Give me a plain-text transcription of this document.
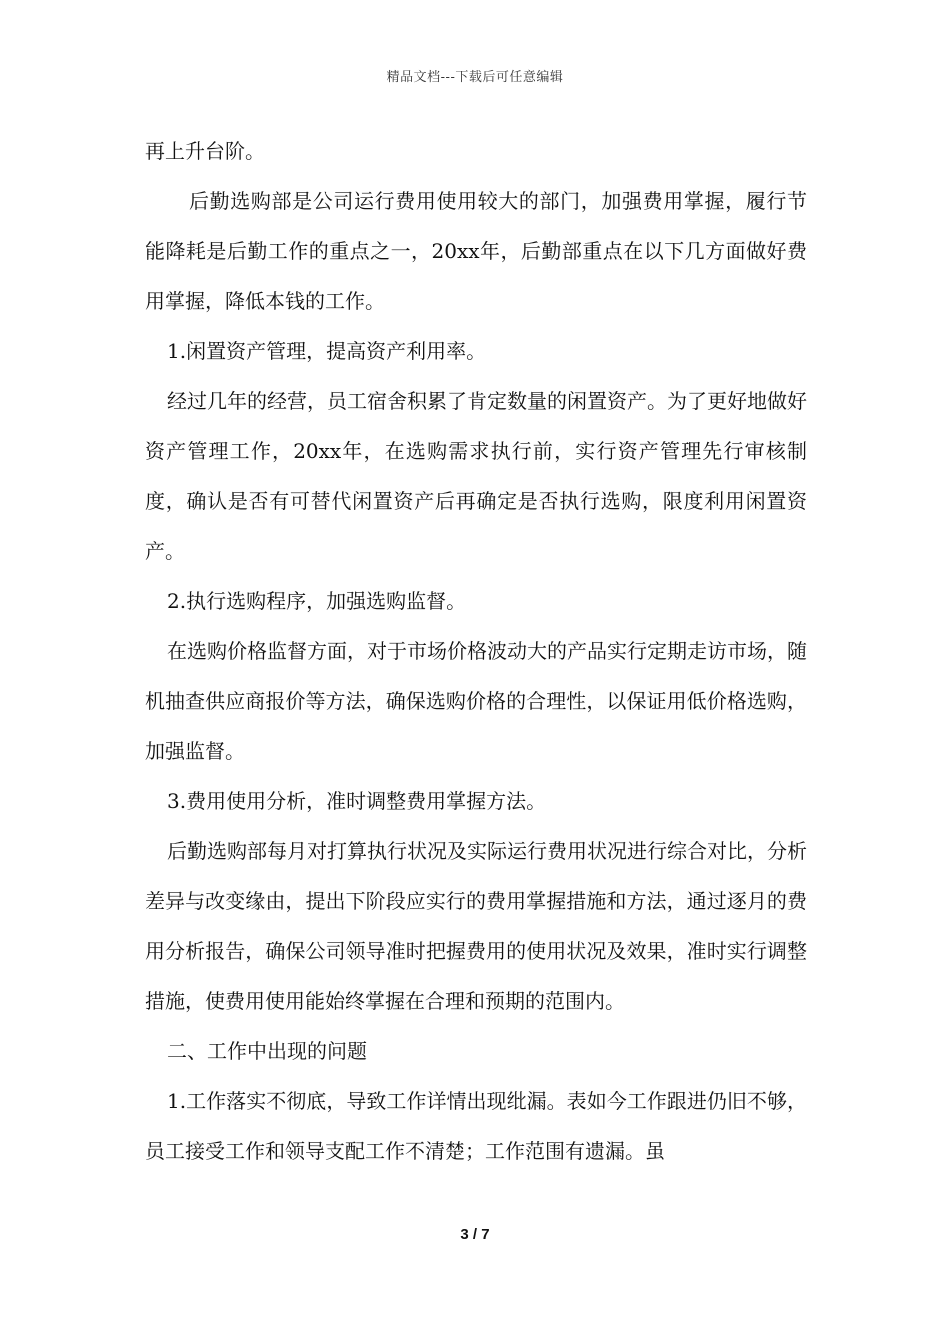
精品文档---下载后可任意编辑

再上升台阶。

后勤选购部是公司运行费用使用较大的部门，加强费用掌握，履行节能降耗是后勤工作的重点之一，20xx年，后勤部重点在以下几方面做好费用掌握，降低本钱的工作。

1.闲置资产管理，提高资产利用率。

经过几年的经营，员工宿舍积累了肯定数量的闲置资产。为了更好地做好资产管理工作，20xx年，在选购需求执行前，实行资产管理先行审核制度，确认是否有可替代闲置资产后再确定是否执行选购，限度利用闲置资产。

2.执行选购程序，加强选购监督。

在选购价格监督方面，对于市场价格波动大的产品实行定期走访市场，随机抽查供应商报价等方法，确保选购价格的合理性，以保证用低价格选购，加强监督。

3.费用使用分析，准时调整费用掌握方法。

后勤选购部每月对打算执行状况及实际运行费用状况进行综合对比，分析差异与改变缘由，提出下阶段应实行的费用掌握措施和方法，通过逐月的费用分析报告，确保公司领导准时把握费用的使用状况及效果，准时实行调整措施，使费用使用能始终掌握在合理和预期的范围内。

二、工作中出现的问题

1.工作落实不彻底，导致工作详情出现纰漏。表如今工作跟进仍旧不够，员工接受工作和领导支配工作不清楚；工作范围有遗漏。虽

3 / 7
